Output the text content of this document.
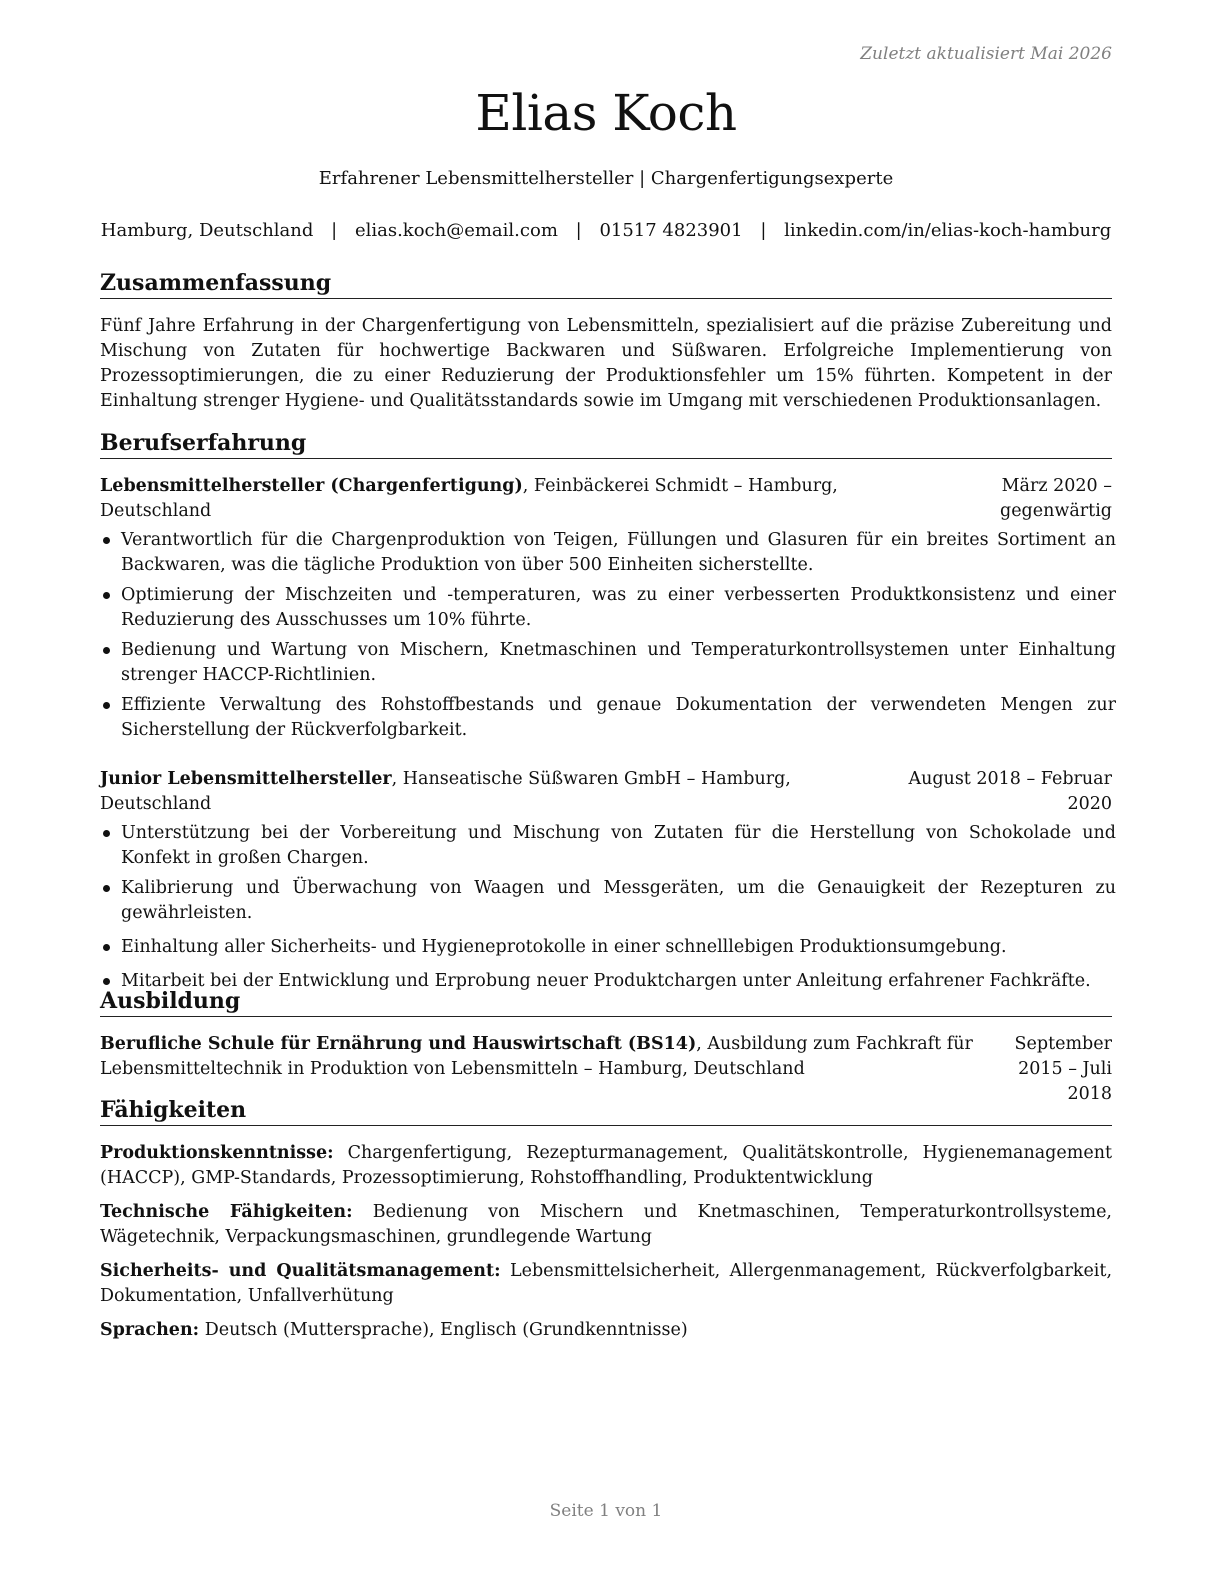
Zuletzt aktualisiert Mai 2026
Elias Koch
Erfahrener Lebensmittelhersteller | Chargenfertigungsexperte
Hamburg, Deutschland | elias.koch@email.com | 01517 4823901 | linkedin.com/in/elias-koch-hamburg
Zusammenfassung

Fünf Jahre Erfahrung in der Chargenfertigung von Lebensmitteln, spezialisiert auf die präzise Zubereitung und Mischung von Zutaten für hochwertige Backwaren und Süßwaren. Erfolgreiche Implementierung von Prozessoptimierungen, die zu einer Reduzierung der Produktionsfehler um 15% führten. Kompetent in der Einhaltung strenger Hygiene- und Qualitätsstandards sowie im Umgang mit verschiedenen Produktionsanlagen.

Berufserfahrung
Lebensmittelhersteller (Chargenfertigung), Feinbäckerei Schmidt – Hamburg, Deutschland
März 2020 – gegenwärtig
Verantwortlich für die Chargenproduktion von Teigen, Füllungen und Glasuren für ein breites Sortiment an Backwaren, was die tägliche Produktion von über 500 Einheiten sicherstellte.
Optimierung der Mischzeiten und -temperaturen, was zu einer verbesserten Produktkonsistenz und einer Reduzierung des Ausschusses um 10% führte.
Bedienung und Wartung von Mischern, Knetmaschinen und Temperaturkontrollsystemen unter Einhaltung strenger HACCP-Richtlinien.
Effiziente Verwaltung des Rohstoffbestands und genaue Dokumentation der verwendeten Mengen zur Sicherstellung der Rückverfolgbarkeit.
Junior Lebensmittelhersteller, Hanseatische Süßwaren GmbH – Hamburg, Deutschland
August 2018 – Februar 2020
Unterstützung bei der Vorbereitung und Mischung von Zutaten für die Herstellung von Schokolade und Konfekt in großen Chargen.
Kalibrierung und Überwachung von Waagen und Messgeräten, um die Genauigkeit der Rezepturen zu gewährleisten.
Einhaltung aller Sicherheits- und Hygieneprotokolle in einer schnelllebigen Produktionsumgebung.
Mitarbeit bei der Entwicklung und Erprobung neuer Produktchargen unter Anleitung erfahrener Fachkräfte.
Ausbildung
Berufliche Schule für Ernährung und Hauswirtschaft (BS14), Ausbildung zum Fachkraft für Lebensmitteltechnik in Produktion von Lebensmitteln – Hamburg, Deutschland
September 2015 – Juli 2018
Fähigkeiten

Produktionskenntnisse: Chargenfertigung, Rezepturmanagement, Qualitätskontrolle, Hygienemanagement (HACCP), GMP-Standards, Prozessoptimierung, Rohstoffhandling, Produktentwicklung

Technische Fähigkeiten: Bedienung von Mischern und Knetmaschinen, Temperaturkontrollsysteme, Wägetechnik, Verpackungsmaschinen, grundlegende Wartung

Sicherheits- und Qualitätsmanagement: Lebensmittelsicherheit, Allergenmanagement, Rückverfolgbarkeit, Dokumentation, Unfallverhütung

Sprachen: Deutsch (Muttersprache), Englisch (Grundkenntnisse)

Seite 1 von 1
